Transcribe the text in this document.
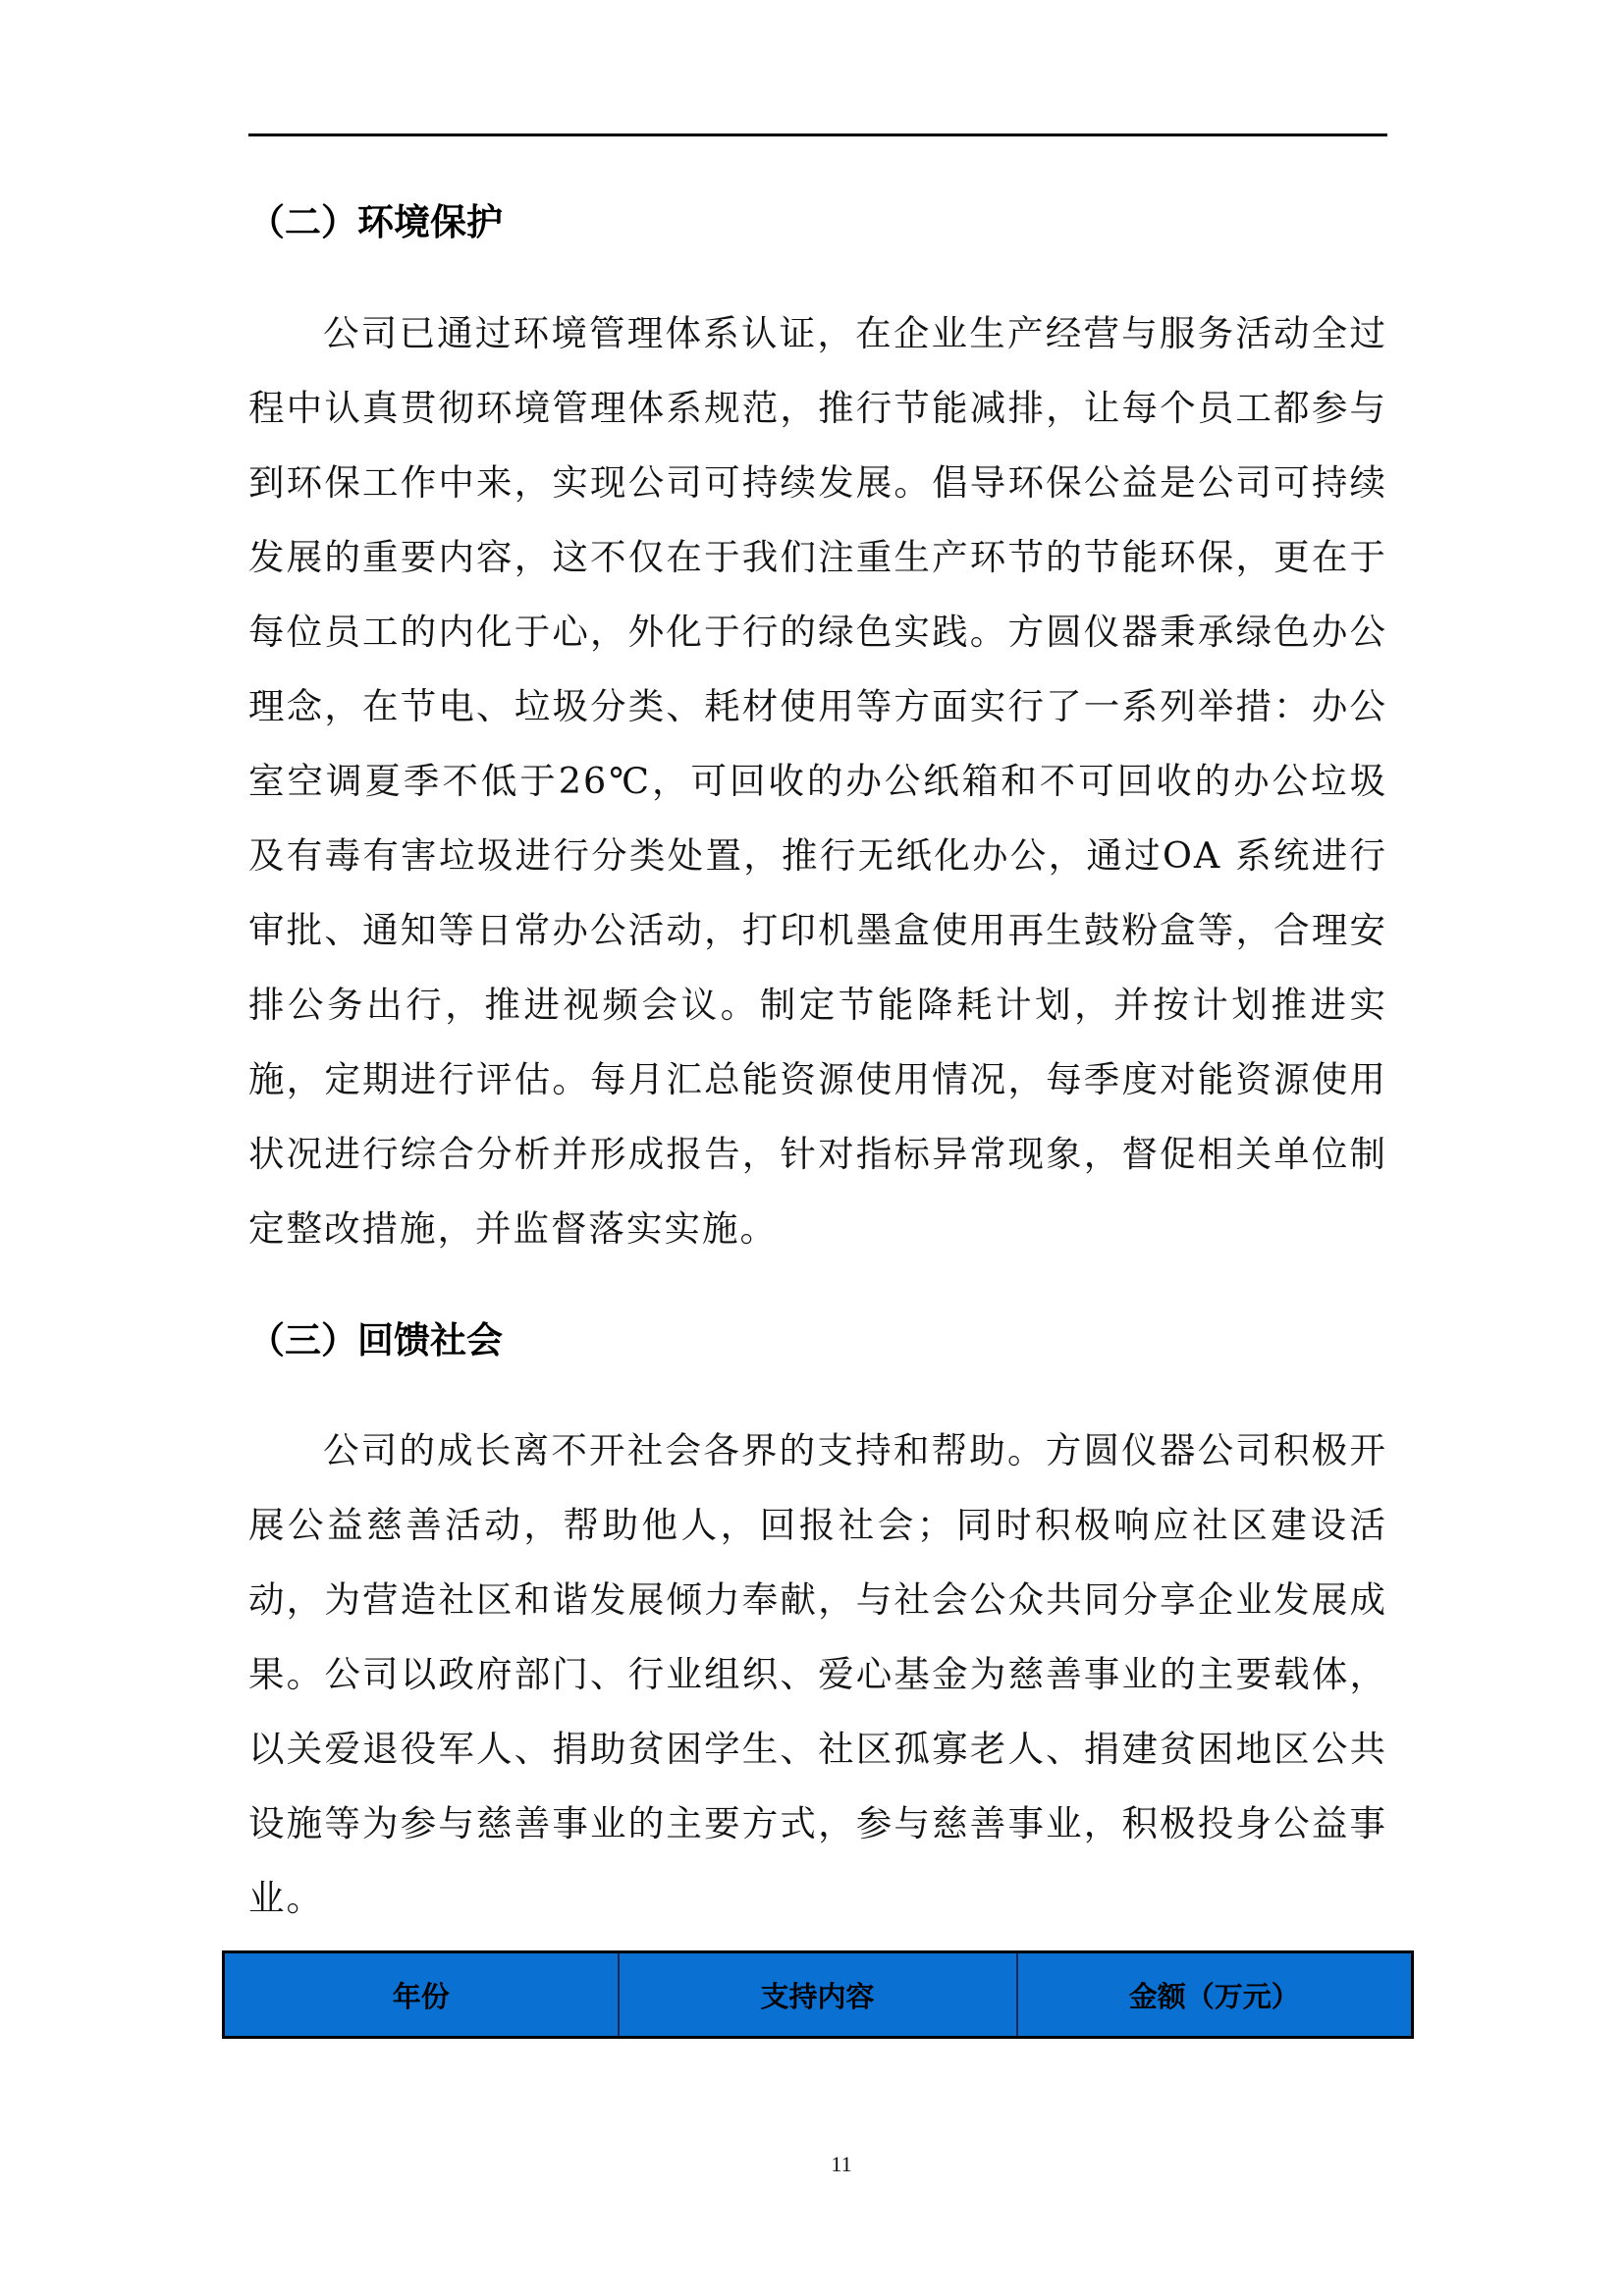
（二）环境保护

公司已通过环境管理体系认证，在企业生产经营与服务活动全过程中认真贯彻环境管理体系规范，推行节能减排，让每个员工都参与到环保工作中来，实现公司可持续发展。倡导环保公益是公司可持续发展的重要内容，这不仅在于我们注重生产环节的节能环保，更在于每位员工的内化于心，外化于行的绿色实践。方圆仪器秉承绿色办公理念，在节电、垃圾分类、耗材使用等方面实行了一系列举措：办公室空调夏季不低于26℃，可回收的办公纸箱和不可回收的办公垃圾及有毒有害垃圾进行分类处置，推行无纸化办公，通过OA 系统进行审批、通知等日常办公活动，打印机墨盒使用再生鼓粉盒等，合理安排公务出行，推进视频会议。制定节能降耗计划，并按计划推进实施，定期进行评估。每月汇总能资源使用情况，每季度对能资源使用状况进行综合分析并形成报告，针对指标异常现象，督促相关单位制定整改措施，并监督落实实施。

（三）回馈社会

公司的成长离不开社会各界的支持和帮助。方圆仪器公司积极开展公益慈善活动，帮助他人，回报社会；同时积极响应社区建设活动，为营造社区和谐发展倾力奉献，与社会公众共同分享企业发展成果。公司以政府部门、行业组织、爱心基金为慈善事业的主要载体，以关爱退役军人、捐助贫困学生、社区孤寡老人、捐建贫困地区公共设施等为参与慈善事业的主要方式，参与慈善事业，积极投身公益事业。

年份	支持内容	金额（万元）
11
